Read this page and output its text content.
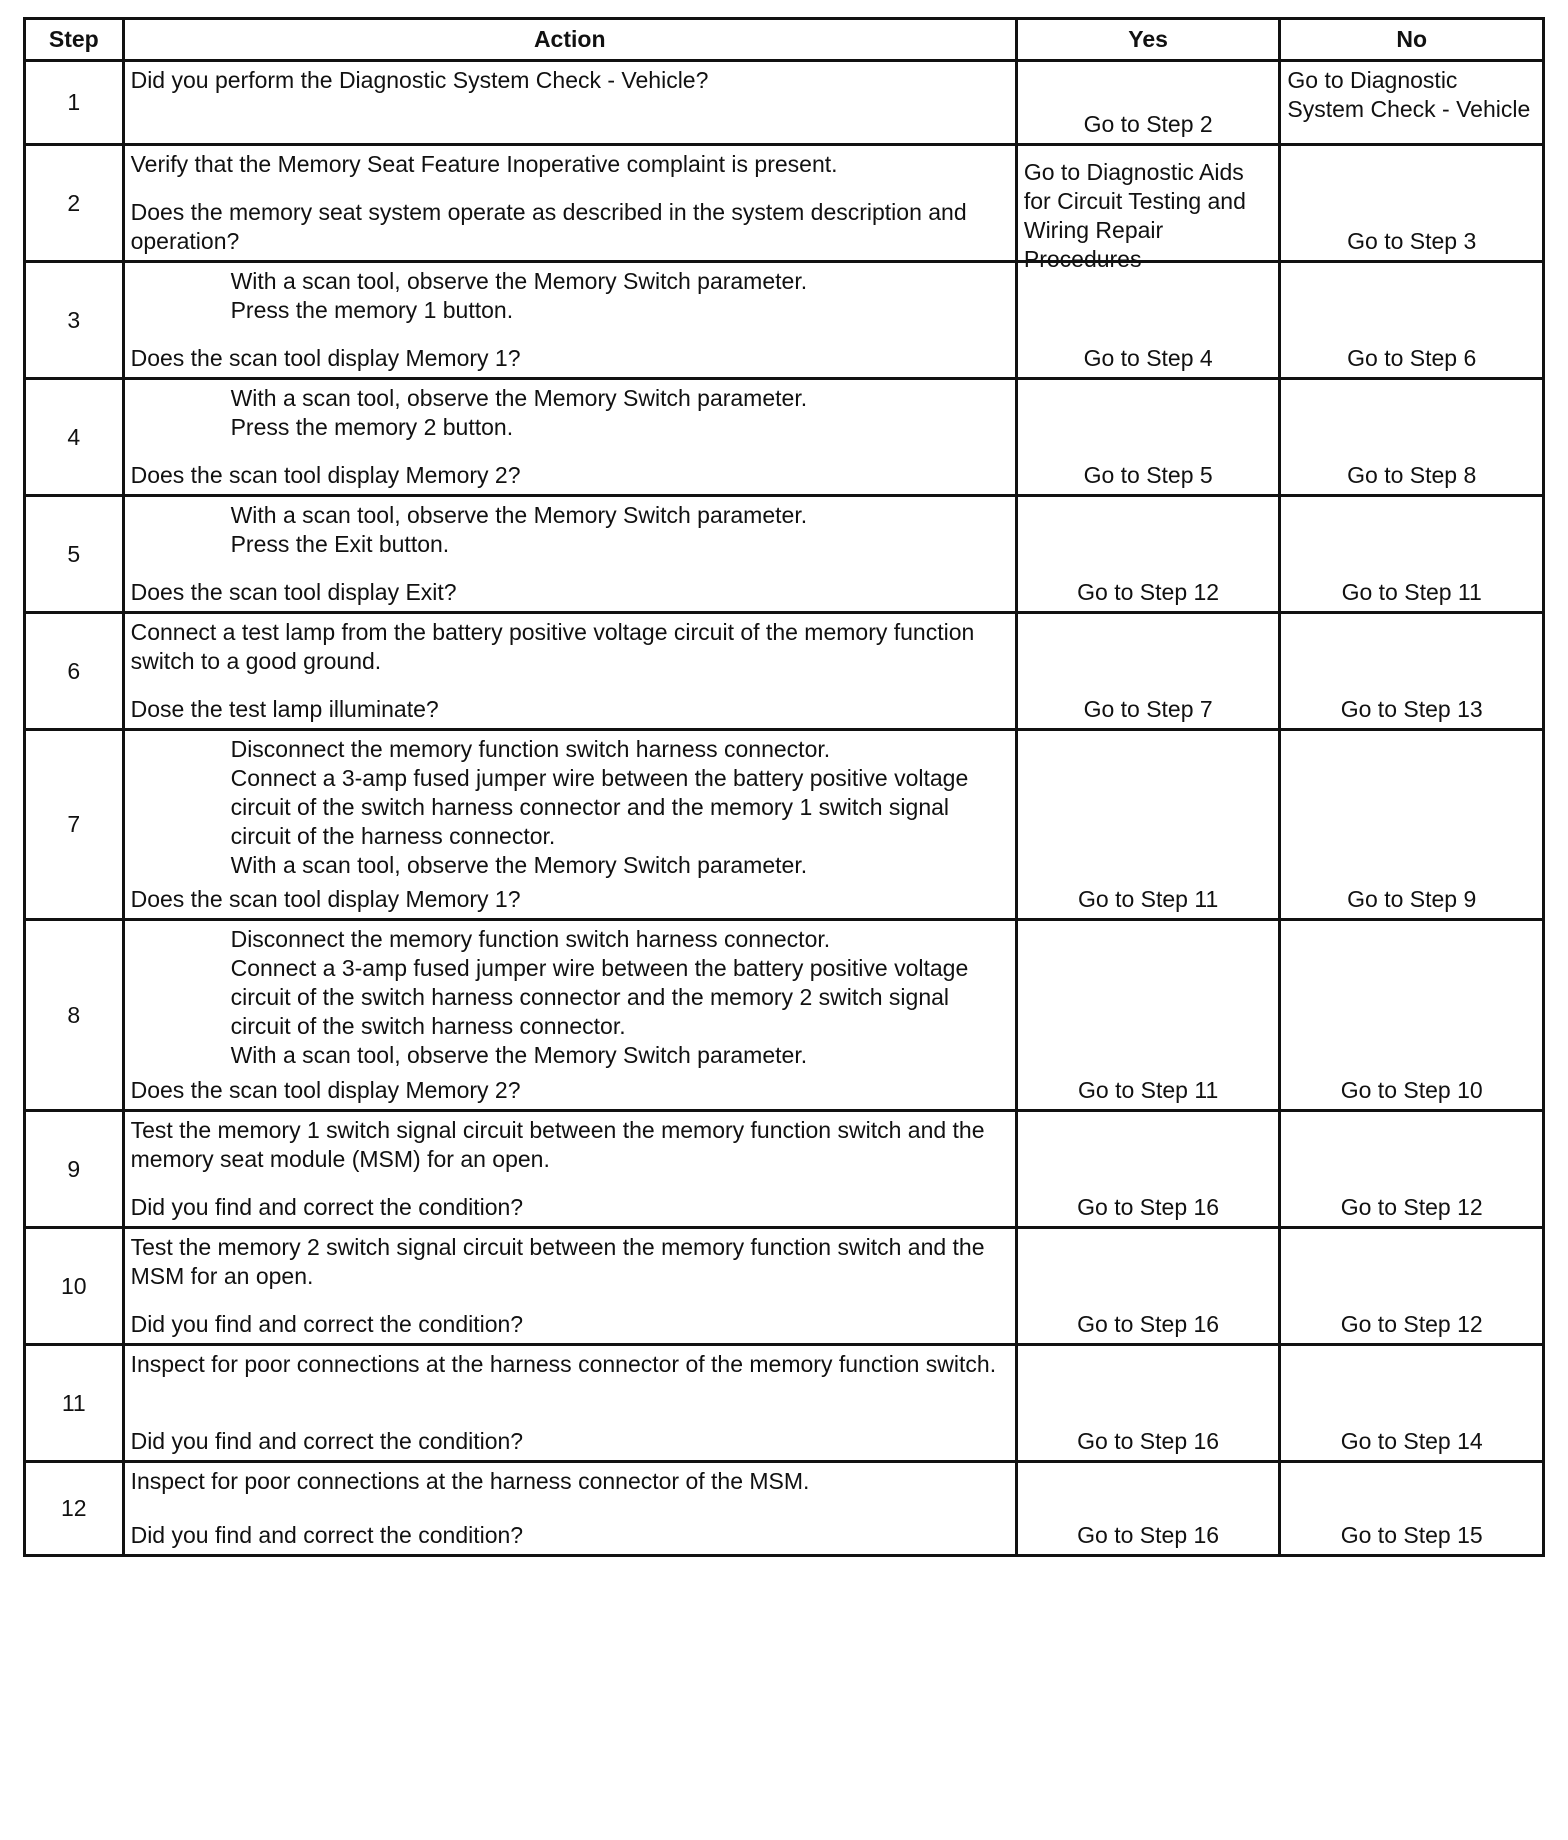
Step	Action	Yes	No
1	Did you perform the Diagnostic System Check - Vehicle?	Go to Step 2	Go to Diagnostic System Check - Vehicle

2	Verify that the Memory Seat Feature Inoperative complaint is present.
Does the memory seat system operate as described in the system description and operation?	Go to Diagnostic Aids for Circuit Testing and Wiring Repair Procedures	Go to Step 3

3	With a scan tool, observe the Memory Switch parameter.
Press the memory 1 button.
Does the scan tool display Memory 1?	Go to Step 4	Go to Step 6

4	With a scan tool, observe the Memory Switch parameter.
Press the memory 2 button.
Does the scan tool display Memory 2?	Go to Step 5	Go to Step 8

5	With a scan tool, observe the Memory Switch parameter.
Press the Exit button.
Does the scan tool display Exit?	Go to Step 12	Go to Step 11

6	Connect a test lamp from the battery positive voltage circuit of the memory function switch to a good ground.
Dose the test lamp illuminate?	Go to Step 7	Go to Step 13

7	Disconnect the memory function switch harness connector.
Connect a 3-amp fused jumper wire between the battery positive voltage circuit of the switch harness connector and the memory 1 switch signal circuit of the harness connector.
With a scan tool, observe the Memory Switch parameter.
Does the scan tool display Memory 1?	Go to Step 11	Go to Step 9

8	Disconnect the memory function switch harness connector.
Connect a 3-amp fused jumper wire between the battery positive voltage circuit of the switch harness connector and the memory 2 switch signal circuit of the switch harness connector.
With a scan tool, observe the Memory Switch parameter.
Does the scan tool display Memory 2?	Go to Step 11	Go to Step 10

9	Test the memory 1 switch signal circuit between the memory function switch and the memory seat module (MSM) for an open.
Did you find and correct the condition?	Go to Step 16	Go to Step 12

10	Test the memory 2 switch signal circuit between the memory function switch and the MSM for an open.
Did you find and correct the condition?	Go to Step 16	Go to Step 12

11	Inspect for poor connections at the harness connector of the memory function switch.
Did you find and correct the condition?	Go to Step 16	Go to Step 14

12	Inspect for poor connections at the harness connector of the MSM.
Did you find and correct the condition?	Go to Step 16	Go to Step 15
